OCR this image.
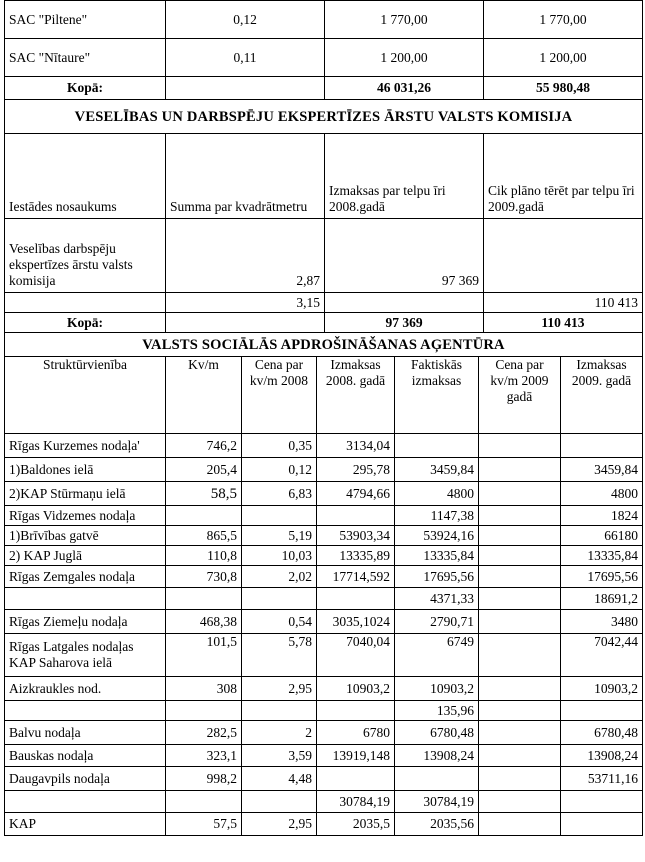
SAC "Piltene"	0,12	1 770,00	1 770,00
SAC "Nītaure"	0,11	1 200,00	1 200,00
Kopā:		46 031,26	55 980,48
VESELĪBAS UN DARBSPĒJU EKSPERTĪZES ĀRSTU VALSTS KOMISIJA			
Iestādes nosaukums	Summa par kvadrātmetru	Izmaksas par telpu īri 2008.gadā	Cik plāno tērēt par telpu īri 2009.gadā
Veselības darbspēju ekspertīzes ārstu valsts komisija	2,87	97 369	
	3,15		110 413
Kopā:		97 369	110 413
VALSTS SOCIĀLĀS APDROŠINĀŠANAS AĢENTŪRA			
Struktūrvienība	Kv/m	Cena par kv/m 2008	Izmaksas 2008. gadā	Faktiskās izmaksas	Cena par kv/m 2009 gadā	Izmaksas 2009. gadā
Rīgas Kurzemes nodaļa'	746,2	0,35	3134,04			
1)Baldones ielā	205,4	0,12	295,78	3459,84		3459,84
2)KAP Stūrmaņu ielā	58,5	6,83	4794,66	4800		4800
Rīgas Vidzemes nodaļa				1147,38		1824
1)Brīvības gatvē	865,5	5,19	53903,34	53924,16		66180
2) KAP Juglā	110,8	10,03	13335,89	13335,84		13335,84
Rīgas Zemgales nodaļa	730,8	2,02	17714,592	17695,56		17695,56
				4371,33		18691,2
Rīgas Ziemeļu nodaļa	468,38	0,54	3035,1024	2790,71		3480
Rīgas Latgales nodaļas KAP Saharova ielā	101,5	5,78	7040,04	6749		7042,44
Aizkraukles nod.	308	2,95	10903,2	10903,2		10903,2
				135,96		
Balvu nodaļa	282,5	2	6780	6780,48		6780,48
Bauskas nodaļa	323,1	3,59	13919,148	13908,24		13908,24
Daugavpils nodaļa	998,2	4,48				53711,16
			30784,19	30784,19		
KAP	57,5	2,95	2035,5	2035,56		
